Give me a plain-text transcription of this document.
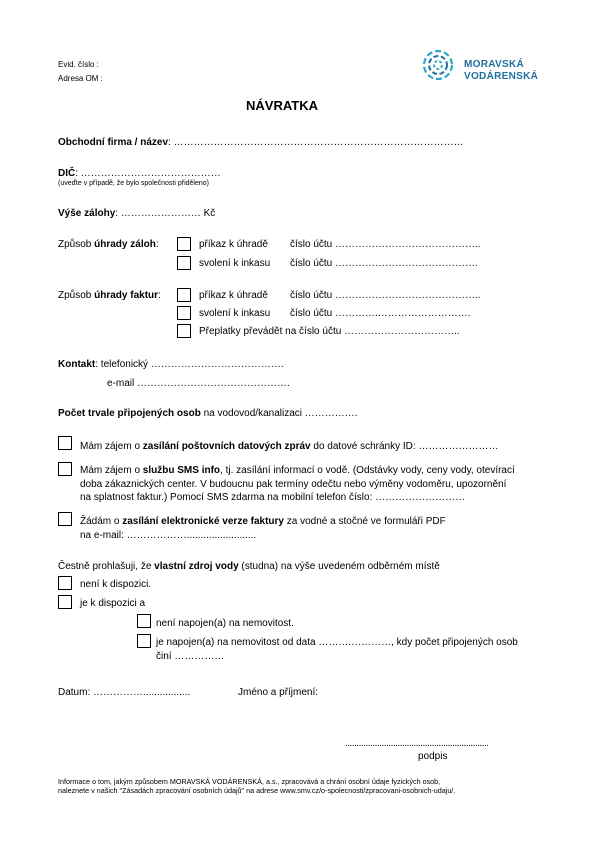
Evid. číslo :
Adresa OM :
MORAVSKÁ
VODÁRENSKÁ
NÁVRATKA
Obchodní firma / název: ……………………………………………………………………………
DIČ: ……………………………………
(uveďte v případě, že bylo společnosti přiděleno)
Výše zálohy: …………………… Kč
Způsob úhrady záloh:	příkaz k úhradě číslo účtu ……………………………………..
svolení k inkasu číslo účtu …………………………………….
Způsob úhrady faktur:	příkaz k úhradě číslo účtu ……………………………………..
svolení k inkasu číslo účtu ………….……………………….
Přeplatky převádět na číslo účtu ……………………………..
Kontakt: telefonický ………………………………….
e-mail ……………………………………….
Počet trvale připojených osob na vodovod/kanalizaci …………….
Mám zájem o zasílání poštovních datových zpráv do datové schránky ID: ……………………
Mám zájem o službu SMS info, tj. zasílání informací o vodě. (Odstávky vody, ceny vody, otevírací
doba zákaznických center. V budoucnu pak termíny odečtu nebo výměny vodoměru, upozornění
na splatnost faktur.) Pomocí SMS zdarma na mobilní telefon číslo: ………………………
Žádám o zasílání elektronické verze faktury za vodné a stočné ve formuláři PDF
na e-mail: ……………….........................
Čestně prohlašuji, že vlastní zdroj vody (studna) na výše uvedeném odběrném místě
není k dispozici.
je k dispozici a
není napojen(a) na nemovitost.
je napojen(a) na nemovitost od data ……….…………, kdy počet připojených osob
činí ……………
Datum: …………….................	Jméno a příjmení:
...............................................................
podpis
Informace o tom, jakým způsobem MORAVSKÁ VODÁRENSKÁ, a.s., zpracovává a chrání osobní údaje fyzických osob,
naleznete v našich "Zásadách zpracování osobních údajů" na adrese www.smv.cz/o-spolecnosti/zpracovani-osobnich-udaju/.
